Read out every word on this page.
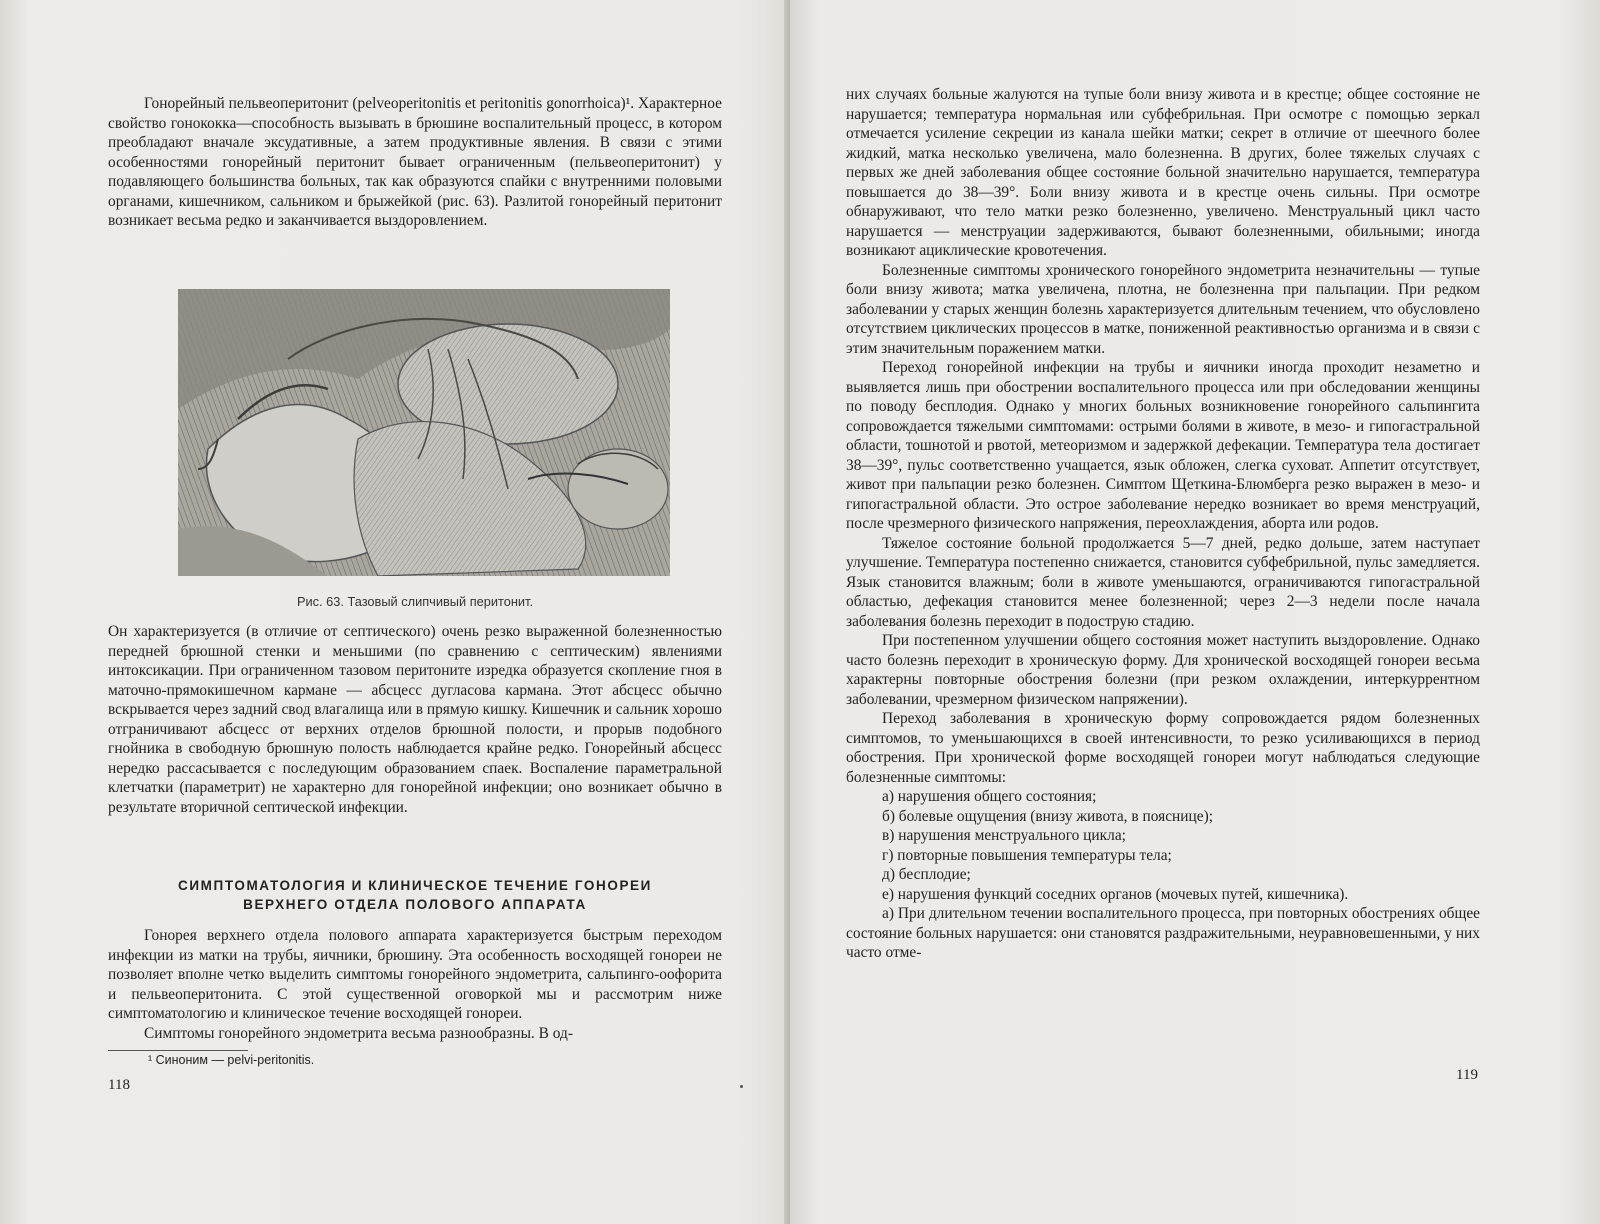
Гонорейный пельвеоперитонит (pelveoperitonitis et peritonitis gonorrhoica)¹. Характерное свойство гонококка—способность вызывать в брюшине воспалительный процесс, в котором преобладают вначале эксудативные, а затем продуктивные явления. В связи с этими особенностями гонорейный перитонит бывает ограниченным (пельвеоперитонит) у подавляющего большинства больных, так как образуются спайки с внутренними половыми органами, кишечником, сальником и брыжейкой (рис. 63). Разлитой гонорейный перитонит возникает весьма редко и заканчивается выздоровлением.

Рис. 63. Тазовый слипчивый перитонит.

Он характеризуется (в отличие от септического) очень резко выраженной болезненностью передней брюшной стенки и меньшими (по сравнению с септическим) явлениями интоксикации. При ограниченном тазовом перитоните изредка образуется скопление гноя в маточно-прямокишечном кармане — абсцесс дугласова кармана. Этот абсцесс обычно вскрывается через задний свод влагалища или в прямую кишку. Кишечник и сальник хорошо отграничивают абсцесс от верхних отделов брюшной полости, и прорыв подобного гнойника в свободную брюшную полость наблюдается крайне редко. Гонорейный абсцесс нередко рассасывается с последующим образованием спаек. Воспаление параметральной клетчатки (параметрит) не характерно для гонорейной инфекции; оно возникает обычно в результате вторичной септической инфекции.

СИМПТОМАТОЛОГИЯ И КЛИНИЧЕСКОЕ ТЕЧЕНИЕ ГОНОРЕИ
ВЕРХНЕГО ОТДЕЛА ПОЛОВОГО АППАРАТА

Гонорея верхнего отдела полового аппарата характеризуется быстрым переходом инфекции из матки на трубы, яичники, брюшину. Эта особенность восходящей гонореи не позволяет вполне четко выделить симптомы гонорейного эндометрита, сальпинго-оофорита и пельвеоперитонита. С этой существенной оговоркой мы и рассмотрим ниже симптоматологию и клиническое течение восходящей гонореи.

Симптомы гонорейного эндометрита весьма разнообразны. В од-

¹ Синоним — pelvi-peritonitis.
118

них случаях больные жалуются на тупые боли внизу живота и в крестце; общее состояние не нарушается; температура нормальная или субфебрильная. При осмотре с помощью зеркал отмечается усиление секреции из канала шейки матки; секрет в отличие от шеечного более жидкий, матка несколько увеличена, мало болезненна. В других, более тяжелых случаях с первых же дней заболевания общее состояние больной значительно нарушается, температура повышается до 38—39°. Боли внизу живота и в крестце очень сильны. При осмотре обнаруживают, что тело матки резко болезненно, увеличено. Менструальный цикл часто нарушается — менструации задерживаются, бывают болезненными, обильными; иногда возникают ациклические кровотечения.

Болезненные симптомы хронического гонорейного эндометрита незначительны — тупые боли внизу живота; матка увеличена, плотна, не болезненна при пальпации. При редком заболевании у старых женщин болезнь характеризуется длительным течением, что обусловлено отсутствием циклических процессов в матке, пониженной реактивностью организма и в связи с этим значительным поражением матки.

Переход гонорейной инфекции на трубы и яичники иногда проходит незаметно и выявляется лишь при обострении воспалительного процесса или при обследовании женщины по поводу бесплодия. Однако у многих больных возникновение гонорейного сальпингита сопровождается тяжелыми симптомами: острыми болями в животе, в мезо- и гипогастральной области, тошнотой и рвотой, метеоризмом и задержкой дефекации. Температура тела достигает 38—39°, пульс соответственно учащается, язык обложен, слегка суховат. Аппетит отсутствует, живот при пальпации резко болезнен. Симптом Щеткина-Блюмберга резко выражен в мезо- и гипогастральной области. Это острое заболевание нередко возникает во время менструаций, после чрезмерного физического напряжения, переохлаждения, аборта или родов.

Тяжелое состояние больной продолжается 5—7 дней, редко дольше, затем наступает улучшение. Температура постепенно снижается, становится субфебрильной, пульс замедляется. Язык становится влажным; боли в животе уменьшаются, ограничиваются гипогастральной областью, дефекация становится менее болезненной; через 2—3 недели после начала заболевания болезнь переходит в подострую стадию.

При постепенном улучшении общего состояния может наступить выздоровление. Однако часто болезнь переходит в хроническую форму. Для хронической восходящей гонореи весьма характерны повторные обострения болезни (при резком охлаждении, интеркуррентном заболевании, чрезмерном физическом напряжении).

Переход заболевания в хроническую форму сопровождается рядом болезненных симптомов, то уменьшающихся в своей интенсивности, то резко усиливающихся в период обострения. При хронической форме восходящей гонореи могут наблюдаться следующие болезненные симптомы:

а) нарушения общего состояния;

б) болевые ощущения (внизу живота, в пояснице);

в) нарушения менструального цикла;

г) повторные повышения температуры тела;

д) бесплодие;

е) нарушения функций соседних органов (мочевых путей, кишечника).

а) При длительном течении воспалительного процесса, при повторных обострениях общее состояние больных нарушается: они становятся раздражительными, неуравновешенными, у них часто отме-

119
